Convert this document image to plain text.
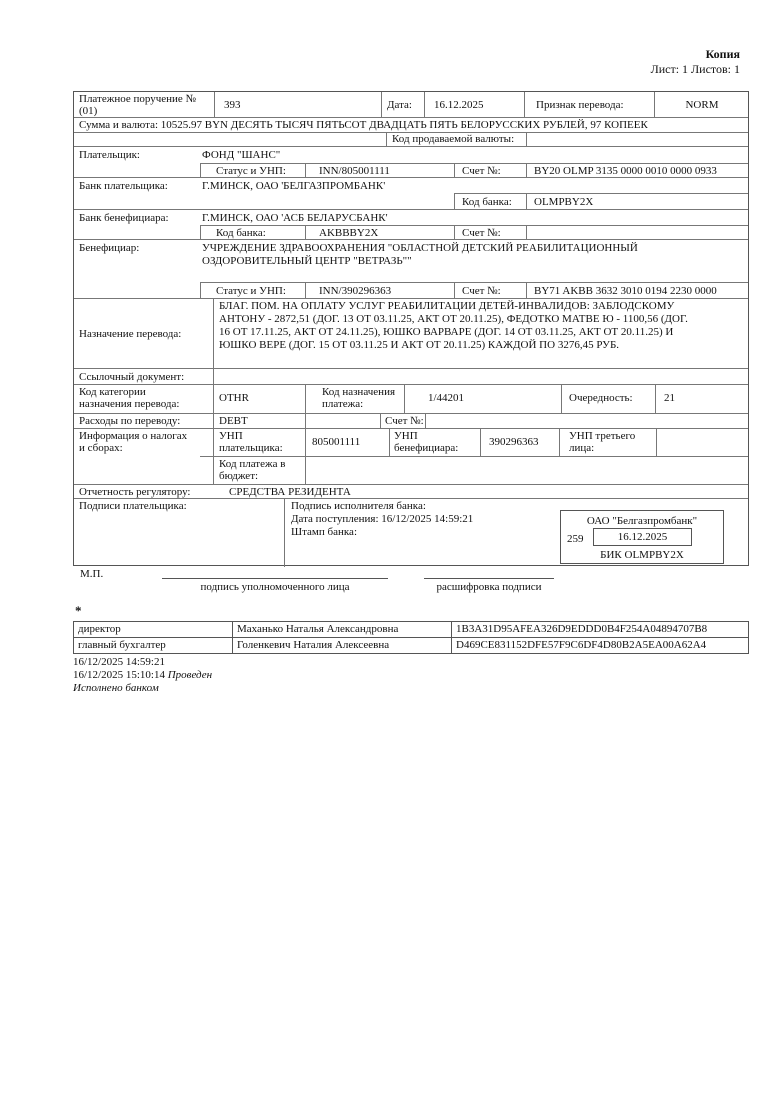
Копия
Лист: 1 Листов: 1
Платежное поручение №
(01)	393	Дата: 16.12.2025	Признак перевода:	NORM
Сумма и валюта: 10525.97 BYN ДЕСЯТЬ ТЫСЯЧ ПЯТЬСОТ ДВАДЦАТЬ ПЯТЬ БЕЛОРУССКИХ РУБЛЕЙ, 97 КОПЕЕК
Код продаваемой валюты:
Плательщик:	ФОНД "ШАНС"
Статус и УНП:	INN/805001111	Счет №:	BY20 OLMP 3135 0000 0010 0000 0933
Банк плательщика:	Г.МИНСК, ОАО 'БЕЛГАЗПРОМБАНК'
Код банка: OLMPBY2X
Банк бенефициара:	Г.МИНСК, ОАО 'АСБ БЕЛАРУСБАНК'
Код банка:	AKBBBY2X	Счет №:
Бенефициар:	УЧРЕЖДЕНИЕ ЗДРАВООХРАНЕНИЯ "ОБЛАСТНОЙ ДЕТСКИЙ РЕАБИЛИТАЦИОННЫЙ
ОЗДОРОВИТЕЛЬНЫЙ ЦЕНТР "ВЕТРАЗЬ""
Статус и УНП:	INN/390296363	Счет №:	BY71 AKBB 3632 3010 0194 2230 0000
Назначение перевода:
БЛАГ. ПОМ. НА ОПЛАТУ УСЛУГ РЕАБИЛИТАЦИИ ДЕТЕЙ-ИНВАЛИДОВ: ЗАБЛОДСКОМУ
АНТОНУ - 2872,51 (ДОГ. 13 ОТ 03.11.25, АКТ ОТ 20.11.25), ФЕДОТКО МАТВЕ Ю - 1100,56 (ДОГ.
16 ОТ 17.11.25, АКТ ОТ 24.11.25), ЮШКО ВАРВАРЕ (ДОГ. 14 ОТ 03.11.25, АКТ ОТ 20.11.25) И
ЮШКО ВЕРЕ (ДОГ. 15 ОТ 03.11.25 И АКТ ОТ 20.11.25) КАЖДОЙ ПО 3276,45 РУБ.
Ссылочный документ:
Код категории
назначения перевода:	OTHR	Код назначения
платежа:	1/44201	Очередность:	21
Расходы по переводу:	DEBT	Счет №:
Информация о налогах
и сборах:
УНП
плательщика:	805001111	УНП
бенефициара:	390296363	УНП третьего
лица:
Код платежа в
бюджет:
Отчетность регулятору:	СРЕДСТВА РЕЗИДЕНТА
Подписи плательщика:	Подпись исполнителя банка:
Дата поступления: 16/12/2025 14:59:21
Штамп банка:
ОАО "Белгазпромбанк"
259	16.12.2025
БИК OLMPBY2X
М.П.
подпись уполномоченного лица	расшифровка подписи
*
директор	Маханько Наталья Александровна	1B3A31D95AFEA326D9EDDD0B4F254A04894707B8
главный бухгалтер	Голенкевич Наталия Алексеевна	D469CE831152DFE57F9C6DF4D80B2A5EA00A62A4
16/12/2025 14:59:21
16/12/2025 15:10:14 Проведен
Исполнено банком
